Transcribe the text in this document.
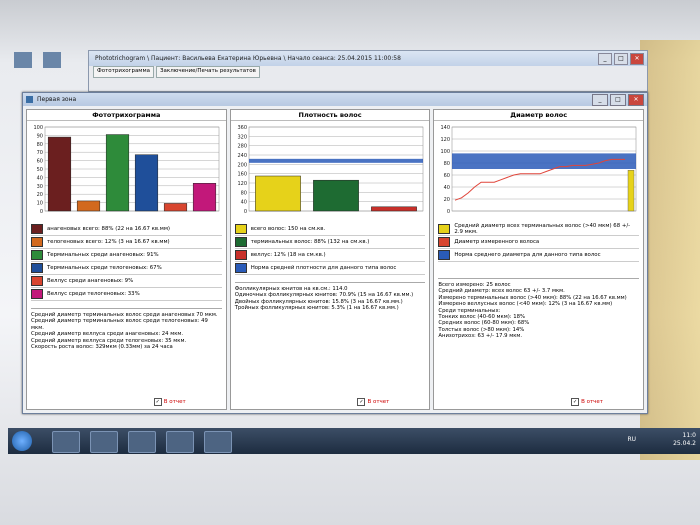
Phototrichogram \ Пациент: Васильева Екатерина Юрьевна \ Начало сеанса: 25.04.2015 11:00:58	_	□	✕
Фототрихограмма	Заключение/Печать результатов
Первая зона	_	□	✕
Фототрихограмма
0
10
20
30
40
50
60
70
80
90
100
анагеновых всего: 88% (22 на 16.67 кв.мм)
телогеновых всего: 12% (3 на 16.67 кв.мм)
Терминальных среди анагеновых: 91%
Терминальных среди телогеновых: 67%
Веллус среди анагеновых: 9%
Веллус среди телогеновых: 33%
Средний диаметр терминальных волос среди анагеновых 70 мкм.
Средний диаметр терминальных волос среди телогеновых: 49 мкм.
Средний диаметр веллуса среди анагеновых: 24 мкм.
Средний диаметр веллуса среди телогеновых: 35 мкм.
Скорость роста волос: 329мкм (0.33мм) за 24 часа
✓ В отчет
Плотность волос
0
40
80
120
160
200
240
280
320
360
всего волос: 150 на см.кв.
терминальных волос: 88% (132 на см.кв.)
веллус: 12% (18 на см.кв.)
Норма средней плотности для данного типа волос
Фолликулярных юнитов на кв.см.: 114.0
Одиночных фолликулярных юнитов: 70.9% (15 на 16.67 кв.мм.)
Двойных фолликулярных юнитов: 15.8% (3 на 16.67 кв.мм.)
Тройных фолликулярных юнитов: 5.3% (1 на 16.67 кв.мм.)
✓ В отчет
Диаметр волос
0
20
40
60
80
100
120
140
Средний диаметр всех терминальных волос (>40 мкм) 68 +/- 2.9 мкм.
Диаметр измеренного волоса
Норма среднего диаметра для данного типа волос
Всего измерено: 25 волос
Средний диаметр: всех волос 63 +/- 3.7 мкм.
Измерено терминальных волос (>40 мкм): 88% (22 на 16.67 кв.мм)
Измерено веллусных волос (<40 мкм): 12% (3 на 16.67 кв.мм)
Среди терминальных:
Тонких волос (40-60 мкм): 18%
Средних волос (60-80 мкм): 68%
Толстых волос (>80 мкм): 14%
Анизотрихоз: 63 +/- 17.9 мкм.
✓ В отчет
RU
11:0
25.04.2
